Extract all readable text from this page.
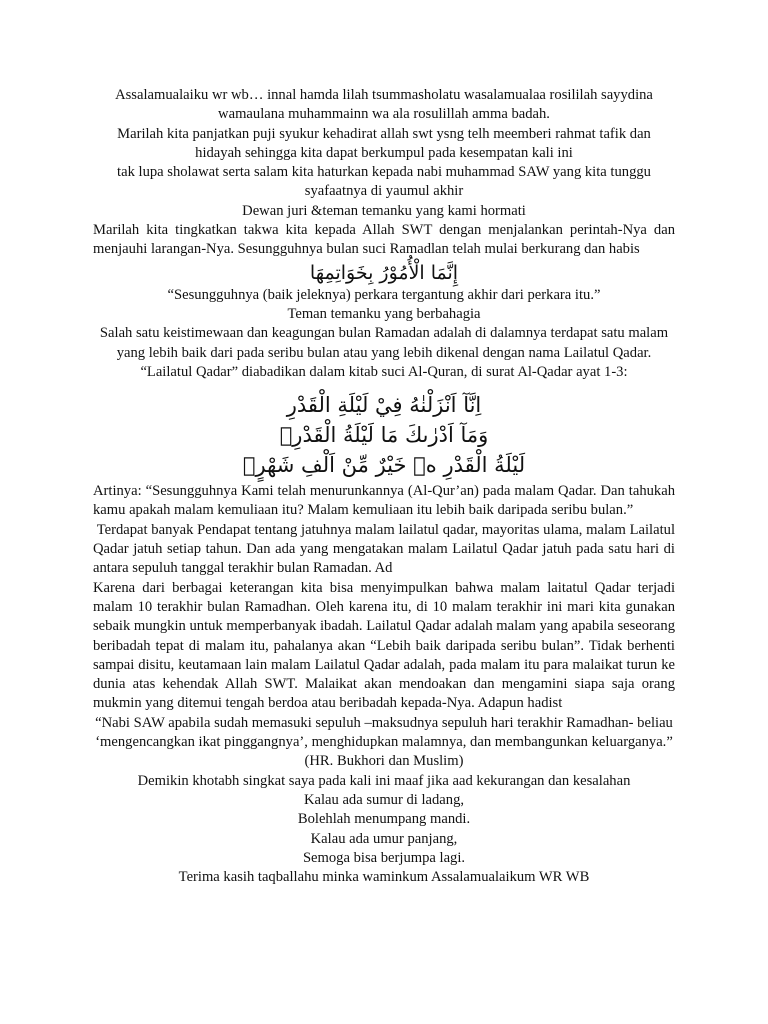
Assalamualaiku wr wb… innal hamda lilah tsummasholatu wasalamualaa rosililah sayydina wamaulana muhammainn wa ala rosulillah amma badah.

Marilah kita panjatkan puji syukur kehadirat allah swt ysng telh meemberi rahmat tafik dan hidayah sehingga kita dapat berkumpul pada kesempatan kali ini

tak lupa sholawat serta salam kita haturkan kepada nabi muhammad SAW yang kita tunggu syafaatnya di yaumul akhir

Dewan juri &teman temanku yang kami hormati

Marilah kita tingkatkan takwa kita kepada Allah SWT dengan menjalankan perintah-Nya dan menjauhi larangan-Nya. Sesungguhnya bulan suci Ramadlan telah mulai berkurang dan habis

إِنَّمَا الْأُمُوْرُ بِخَوَاتِمِهَا

“Sesungguhnya (baik jeleknya) perkara tergantung akhir dari perkara itu.”

Teman temanku yang berbahagia

Salah satu keistimewaan dan keagungan bulan Ramadan adalah di dalamnya terdapat satu malam yang lebih baik dari pada seribu bulan atau yang lebih dikenal dengan nama Lailatul Qadar. “Lailatul Qadar” diabadikan dalam kitab suci Al-Quran, di surat Al-Qadar ayat 1-3:

اِنَّآ اَنْزَلْنٰهُ فِيْ لَيْلَةِ الْقَدْرِ

وَمَآ اَدْرٰىكَ مَا لَيْلَةُ الْقَدْرِۗ

لَيْلَةُ الْقَدْرِ ەۙ خَيْرٌ مِّنْ اَلْفِ شَهْرٍۗ

Artinya: “Sesungguhnya Kami telah menurunkannya (Al-Qur’an) pada malam Qadar. Dan tahukah kamu apakah malam kemuliaan itu? Malam kemuliaan itu lebih baik daripada seribu bulan.”

Terdapat banyak Pendapat tentang jatuhnya malam lailatul qadar, mayoritas ulama, malam Lailatul Qadar jatuh setiap tahun. Dan ada yang mengatakan malam Lailatul Qadar jatuh pada satu hari di antara sepuluh tanggal terakhir bulan Ramadan. Ad

Karena dari berbagai keterangan kita bisa menyimpulkan bahwa malam laitatul Qadar terjadi malam 10 terakhir bulan Ramadhan. Oleh karena itu, di 10 malam terakhir ini mari kita gunakan sebaik mungkin untuk memperbanyak ibadah. Lailatul Qadar adalah malam yang apabila seseorang beribadah tepat di malam itu, pahalanya akan “Lebih baik daripada seribu bulan”. Tidak berhenti sampai disitu, keutamaan lain malam Lailatul Qadar adalah, pada malam itu para malaikat turun ke dunia atas kehendak Allah SWT. Malaikat akan mendoakan dan mengamini siapa saja orang mukmin yang ditemui tengah berdoa atau beribadah kepada-Nya. Adapun hadist

“Nabi SAW apabila sudah memasuki sepuluh –maksudnya sepuluh hari terakhir Ramadhan- beliau ‘mengencangkan ikat pinggangnya’, menghidupkan malamnya, dan membangunkan keluarganya.” (HR. Bukhori dan Muslim)

Demikin khotabh singkat saya pada kali ini maaf jika aad kekurangan dan kesalahan

Kalau ada sumur di ladang,

Bolehlah menumpang mandi.

Kalau ada umur panjang,

Semoga bisa berjumpa lagi.

Terima kasih taqballahu minka waminkum Assalamualaikum WR WB
